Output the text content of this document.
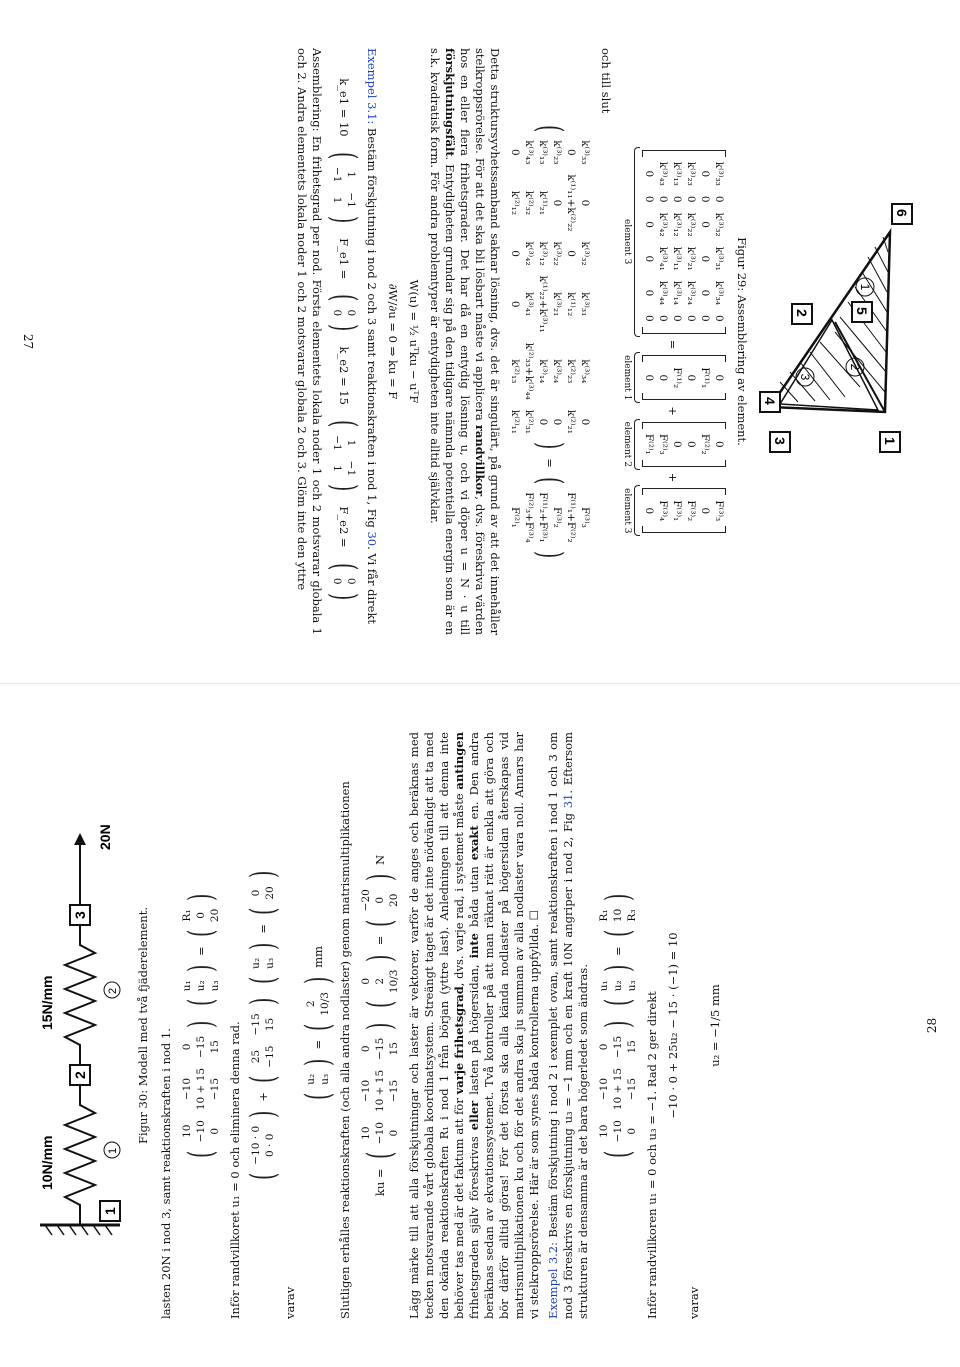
6
1
5
3
2
4
1
2
3
Figur 29: Assemblering av element.
k⁽³⁾₃₃	0	k⁽³⁾₃₂	k⁽³⁾₃₁	k⁽³⁾₃₄	0
0	0	0	0	0	0
k⁽³⁾₂₃	0	k⁽³⁾₂₂	k⁽³⁾₂₁	k⁽³⁾₂₄	0
k⁽³⁾₁₃	0	k⁽³⁾₁₂	k⁽³⁾₁₁	k⁽³⁾₁₄	0
k⁽³⁾₄₃	0	k⁽³⁾₄₂	k⁽³⁾₄₁	k⁽³⁾₄₄	0
0	0	0	0	0	0
element 3
=
0
F⁽¹⁾₁
0
F⁽¹⁾₂
0
0
element 1
+
0
F⁽²⁾₂
0
0
F⁽²⁾₃
F⁽²⁾₁
element 2
+
F⁽³⁾₃
0
F⁽³⁾₂
F⁽³⁾₁
F⁽³⁾₄
0
element 3

och till slut

(
k⁽³⁾₃₃	0	k⁽³⁾₃₂	k⁽³⁾₃₁	k⁽³⁾₃₄	0
0	k⁽¹⁾₁₁+k⁽²⁾₂₂	0	k⁽¹⁾₁₂	k⁽²⁾₂₃	k⁽²⁾₂₁
k⁽³⁾₂₃	0	k⁽³⁾₂₂	k⁽³⁾₂₁	k⁽³⁾₂₄	0
k⁽³⁾₁₃	k⁽¹⁾₂₁	k⁽³⁾₁₂	k⁽¹⁾₂₂+k⁽³⁾₁₁	k⁽³⁾₁₄	0
k⁽³⁾₄₃	k⁽²⁾₃₂	k⁽³⁾₄₂	k⁽³⁾₄₁	k⁽²⁾₃₃+k⁽³⁾₄₄	k⁽²⁾₃₁
0	k⁽²⁾₁₂	0	0	k⁽²⁾₁₃	k⁽²⁾₁₁
)
=
(
F⁽³⁾₃
F⁽¹⁾₁+F⁽²⁾₂
F⁽³⁾₂
F⁽¹⁾₂+F⁽³⁾₁
F⁽²⁾₃+F⁽³⁾₄
F⁽²⁾₁
)

Detta struktursyvhetssamband saknar lösning, dvs. det är singulärt, på grund av att det innehåller stelkroppsrörelse. För att det ska bli lösbart måste vi applicera randvillkor, dvs. föreskriva värden hos en eller flera frihetsgrader. Det har då en entydig lösning u, och vi döper u = N · u till förskjutningsfält. Entydigheten grundar sig på den tidigare nämnda potentiella energin som är en s.k. kvadratisk form. För andra problemtyper är entydigheten inte alltid självklar.

W(u) = ½ uᵀku − uᵀF
∂W/∂u = 0 ⇒ ku = F

Exempel 3.1: Bestäm förskjutning i nod 2 och 3 samt reaktionskraften i nod 1, Fig 30. Vi får direkt

k_e1 = 10
(
1	−1
−1	1
)
F_e1 =
(
0
0
)
k_e2 = 15
(
1	−1
−1	1
)
F_e2 =
(
0
0
)

Assemblering: En frihetsgrad per nod. Första elementets lokala noder 1 och 2 motsvarar globala 1 och 2. Andra elementets lokala noder 1 och 2 motsvarar globala 2 och 3. Glöm inte den yttre

27
10N/mm
15N/mm
20N
1
2
3
1
2 Figur 30: Modell med två fjäderelement.

lasten 20N i nod 3, samt reaktionskraften i nod 1. (
10	−10	0
−10	10 + 15	−15
0	−15	15
)
(
u₁
u₂
u₃
)
=
(
R₁
0
20
)

Inför randvillkoret u₁ = 0 och eliminera denna rad. (
−10 · 0
0 · 0
)
+
(
25	−15
−15	15
)
(
u₂
u₃
)
=
(
0
20
)

varav

(
u₂
u₃
)
=
(
2
10/3
)
mm Slutligen erhålles reaktionskraften (och alla andra nodlaster) genom matrismultiplikationen ku =
(
10	−10	0
−10	10 + 15	−15
0	−15	15
)
(
0
2
10/3
)
=
(
−20
0
20
)
N Lägg märke till att alla förskjutningar och laster är vektorer, varför de anges och beräknas med tecken motsvarande vårt globala koordinatsystem. Streängt taget är det inte nödvändigt att ta med den okända reaktionskraften R₁ i nod 1 från början (yttre last). Anledningen till att denna inte behöver tas med är det faktum att för varje frihetsgrad, dvs. varje rad, i systemet måste antingen frihetsgraden själv föreskrivas eller lasten på högersidan, inte båda utan exakt en. Den andra beräknas sedan av ekvationssystemet. Två kontroller på att man räknat rätt är enkla att göra och bör därför alltid göras! För det första ska alla kända nodlaster på högersidan återskapas vid matrismultiplikationen ku och för det andra ska ju summan av alla nodlaster vara noll. Annars har vi stelkroppsrörelse. Här är som synes båda kontrollerna uppfyllda. ☐ Exempel 3.2: Bestäm förskjutning i nod 2 i exemplet ovan, samt reaktionskraften i nod 1 och 3 om nod 3 föreskrivs en förskjutning u₃ = −1 mm och en kraft 10N angriper i nod 2, Fig 31. Eftersom strukturen är densamma är det bara högerledet som ändras. (
10	−10	0
−10	10 + 15	−15
0	−15	15
)
(
u₁
u₂
u₃
)
=
(
R₁
10
R₃
)

Inför randvillkoren u₁ = 0 och u₃ = −1. Rad 2 ger direkt −10 · 0 + 25u₂ − 15 · (−1) = 10

varav

u₂ = −1/5 mm	28
